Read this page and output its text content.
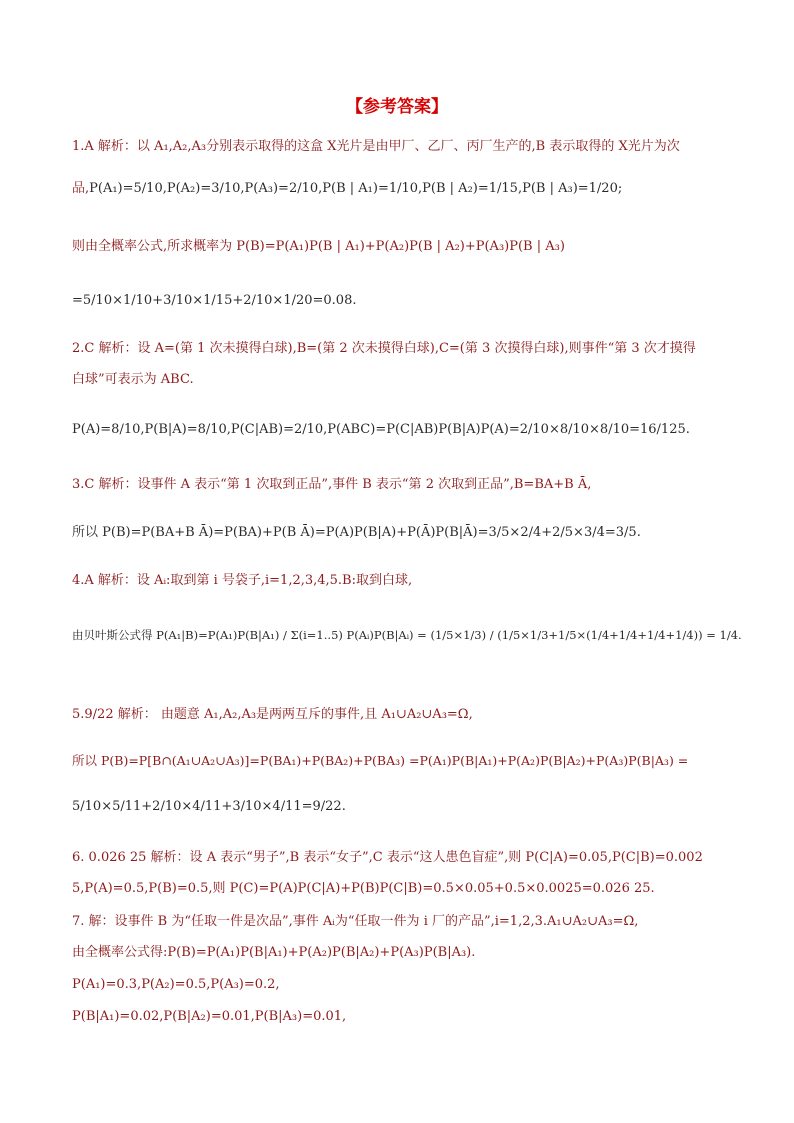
【参考答案】
1.A 解析：以 A₁,A₂,A₃分别表示取得的这盒 X光片是由甲厂、乙厂、丙厂生产的,B 表示取得的 X光片为次
品,P(A₁)=5/10,P(A₂)=3/10,P(A₃)=2/10,P(B | A₁)=1/10,P(B | A₂)=1/15,P(B | A₃)=1/20;
则由全概率公式,所求概率为 P(B)=P(A₁)P(B | A₁)+P(A₂)P(B | A₂)+P(A₃)P(B | A₃)
=5/10×1/10+3/10×1/15+2/10×1/20=0.08.
2.C 解析：设 A=(第 1 次未摸得白球),B=(第 2 次未摸得白球),C=(第 3 次摸得白球),则事件“第 3 次才摸得
白球”可表示为 ABC.
P(A)=8/10,P(B|A)=8/10,P(C|AB)=2/10,P(ABC)=P(C|AB)P(B|A)P(A)=2/10×8/10×8/10=16/125.
3.C 解析：设事件 A 表示“第 1 次取到正品”,事件 B 表示“第 2 次取到正品”,B=BA+B Ā,
所以 P(B)=P(BA+B Ā)=P(BA)+P(B Ā)=P(A)P(B|A)+P(Ā)P(B|Ā)=3/5×2/4+2/5×3/4=3/5.
4.A 解析：设 Aᵢ:取到第 i 号袋子,i=1,2,3,4,5.B:取到白球,
由贝叶斯公式得 P(A₁|B)=P(A₁)P(B|A₁) / Σ(i=1..5) P(Aᵢ)P(B|Aᵢ) = (1/5×1/3) / (1/5×1/3+1/5×(1/4+1/4+1/4+1/4)) = 1/4.
5.9/22 解析： 由题意 A₁,A₂,A₃是两两互斥的事件,且 A₁∪A₂∪A₃=Ω,
所以 P(B)=P[B∩(A₁∪A₂∪A₃)]=P(BA₁)+P(BA₂)+P(BA₃) =P(A₁)P(B|A₁)+P(A₂)P(B|A₂)+P(A₃)P(B|A₃) =
5/10×5/11+2/10×4/11+3/10×4/11=9/22.
6. 0.026 25 解析：设 A 表示“男子”,B 表示“女子”,C 表示“这人患色盲症”,则 P(C|A)=0.05,P(C|B)=0.002
5,P(A)=0.5,P(B)=0.5,则 P(C)=P(A)P(C|A)+P(B)P(C|B)=0.5×0.05+0.5×0.0025=0.026 25.
7. 解：设事件 B 为“任取一件是次品”,事件 Aᵢ为“任取一件为 i 厂的产品”,i=1,2,3.A₁∪A₂∪A₃=Ω,
由全概率公式得:P(B)=P(A₁)P(B|A₁)+P(A₂)P(B|A₂)+P(A₃)P(B|A₃).
P(A₁)=0.3,P(A₂)=0.5,P(A₃)=0.2,
P(B|A₁)=0.02,P(B|A₂)=0.01,P(B|A₃)=0.01,
